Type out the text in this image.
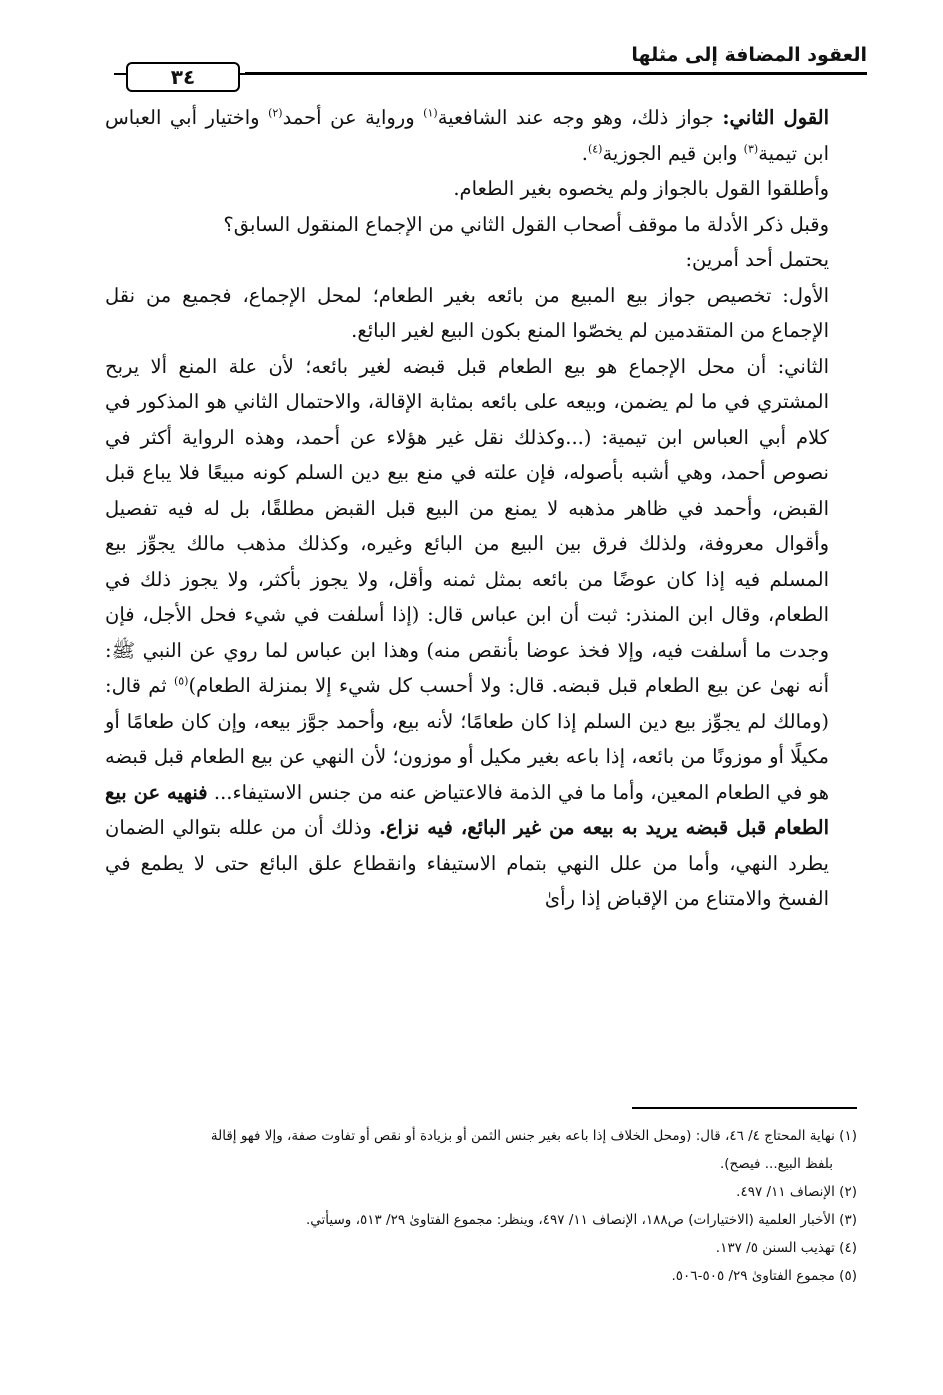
العقود المضافة إلى مثلها
٣٤

القول الثاني: جواز ذلك، وهو وجه عند الشافعية$^{(١)}$ ورواية عن أحمد$^{(٢)}$ واختيار أبي العباس ابن تيمية$^{(٣)}$ وابن قيم الجوزية$^{(٤)}$.

وأطلقوا القول بالجواز ولم يخصوه بغير الطعام.

وقبل ذكر الأدلة ما موقف أصحاب القول الثاني من الإجماع المنقول السابق؟

يحتمل أحد أمرين:

الأول: تخصيص جواز بيع المبيع من بائعه بغير الطعام؛ لمحل الإجماع، فجميع من نقل الإجماع من المتقدمين لم يخصّوا المنع بكون البيع لغير البائع.

الثاني: أن محل الإجماع هو بيع الطعام قبل قبضه لغير بائعه؛ لأن علة المنع ألا يربح المشتري في ما لم يضمن، وبيعه على بائعه بمثابة الإقالة، والاحتمال الثاني هو المذكور في كلام أبي العباس ابن تيمية: (...وكذلك نقل غير هؤلاء عن أحمد، وهذه الرواية أكثر في نصوص أحمد، وهي أشبه بأصوله، فإن علته في منع بيع دين السلم كونه مبيعًا فلا يباع قبل القبض، وأحمد في ظاهر مذهبه لا يمنع من البيع قبل القبض مطلقًا، بل له فيه تفصيل وأقوال معروفة، ولذلك فرق بين البيع من البائع وغيره، وكذلك مذهب مالك يجوِّز بيع المسلم فيه إذا كان عوضًا من بائعه بمثل ثمنه وأقل، ولا يجوز بأكثر، ولا يجوز ذلك في الطعام، وقال ابن المنذر: ثبت أن ابن عباس قال: (إذا أسلفت في شيء فحل الأجل، فإن وجدت ما أسلفت فيه، وإلا فخذ عوضا بأنقص منه) وهذا ابن عباس لما روي عن النبي ﷺ: أنه نهىٰ عن بيع الطعام قبل قبضه. قال: ولا أحسب كل شيء إلا بمنزلة الطعام)$^{(٥)}$ ثم قال: (ومالك لم يجوِّز بيع دين السلم إذا كان طعامًا؛ لأنه بيع، وأحمد جوَّز بيعه، وإن كان طعامًا أو مكيلًا أو موزونًا من بائعه، إذا باعه بغير مكيل أو موزون؛ لأن النهي عن بيع الطعام قبل قبضه هو في الطعام المعين، وأما ما في الذمة فالاعتياض عنه من جنس الاستيفاء... فنهيه عن بيع الطعام قبل قبضه يريد به بيعه من غير البائع، فيه نزاع. وذلك أن من علله بتوالي الضمان يطرد النهي، وأما من علل النهي بتمام الاستيفاء وانقطاع علق البائع حتى لا يطمع في الفسخ والامتناع من الإقباض إذا رأىٰ

(١) نهاية المحتاج ٤/ ٤٦، قال: (ومحل الخلاف إذا باعه بغير جنس الثمن أو بزيادة أو نقص أو تفاوت صفة، وإلا فهو إقالة

بلفظ البيع... فيصح).

(٢) الإنصاف ١١/ ٤٩٧.

(٣) الأخبار العلمية (الاختيارات) ص١٨٨، الإنصاف ١١/ ٤٩٧، وينظر: مجموع الفتاوىٰ ٢٩/ ٥١٣، وسيأتي.

(٤) تهذيب السنن ٥/ ١٣٧.

(٥) مجموع الفتاوىٰ ٢٩/ ٥٠٥-٥٠٦.
